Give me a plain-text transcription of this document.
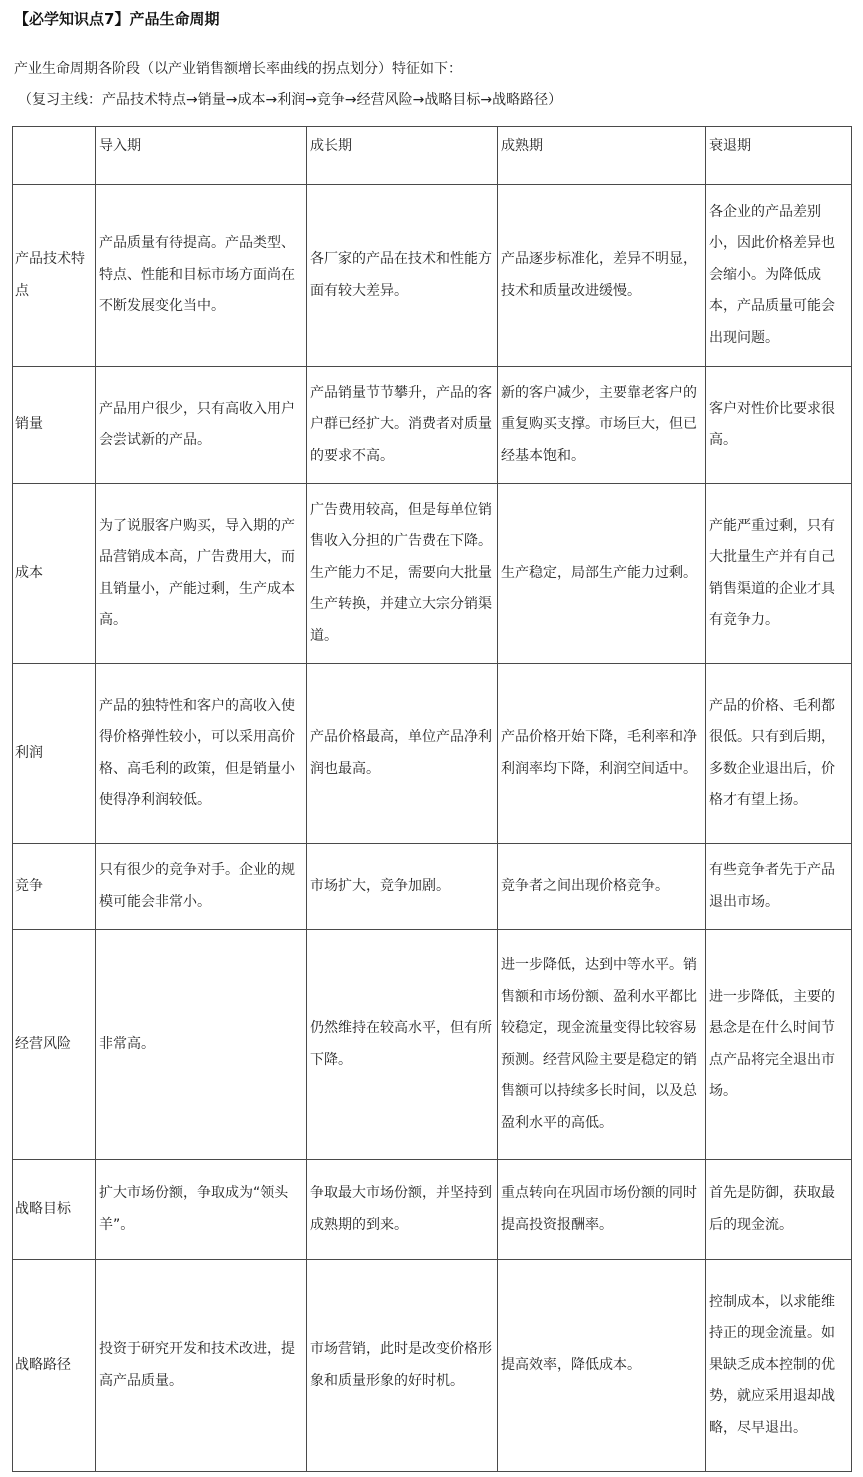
【必学知识点7】产品生命周期
产业生命周期各阶段（以产业销售额增长率曲线的拐点划分）特征如下：
（复习主线：产品技术特点→销量→成本→利润→竞争→经营风险→战略目标→战略路径）
	导入期	成长期	成熟期	衰退期
产品技术特点	产品质量有待提高。产品类型、特点、性能和目标市场方面尚在不断发展变化当中。	各厂家的产品在技术和性能方面有较大差异。	产品逐步标准化，差异不明显，技术和质量改进缓慢。	各企业的产品差别小，因此价格差异也会缩小。为降低成本，产品质量可能会出现问题。
销量	产品用户很少，只有高收入用户会尝试新的产品。	产品销量节节攀升，产品的客户群已经扩大。消费者对质量的要求不高。	新的客户减少，主要靠老客户的重复购买支撑。市场巨大，但已经基本饱和。	客户对性价比要求很高。
成本	为了说服客户购买，导入期的产品营销成本高，广告费用大，而且销量小，产能过剩，生产成本高。	广告费用较高，但是每单位销售收入分担的广告费在下降。生产能力不足，需要向大批量生产转换，并建立大宗分销渠道。	生产稳定，局部生产能力过剩。	产能严重过剩，只有大批量生产并有自己销售渠道的企业才具有竞争力。
利润	产品的独特性和客户的高收入使得价格弹性较小，可以采用高价格、高毛利的政策，但是销量小使得净利润较低。	产品价格最高，单位产品净利润也最高。	产品价格开始下降，毛利率和净利润率均下降，利润空间适中。	产品的价格、毛利都很低。只有到后期，多数企业退出后，价格才有望上扬。
竞争	只有很少的竞争对手。企业的规模可能会非常小。	市场扩大，竞争加剧。	竞争者之间出现价格竞争。	有些竞争者先于产品退出市场。
经营风险	非常高。	仍然维持在较高水平，但有所下降。	进一步降低，达到中等水平。销售额和市场份额、盈利水平都比较稳定，现金流量变得比较容易预测。经营风险主要是稳定的销售额可以持续多长时间，以及总盈利水平的高低。	进一步降低，主要的悬念是在什么时间节点产品将完全退出市场。
战略目标	扩大市场份额，争取成为“领头羊”。	争取最大市场份额，并坚持到成熟期的到来。	重点转向在巩固市场份额的同时提高投资报酬率。	首先是防御，获取最后的现金流。
战略路径	投资于研究开发和技术改进，提高产品质量。	市场营销，此时是改变价格形象和质量形象的好时机。	提高效率，降低成本。	控制成本，以求能维持正的现金流量。如果缺乏成本控制的优势，就应采用退却战略，尽早退出。
